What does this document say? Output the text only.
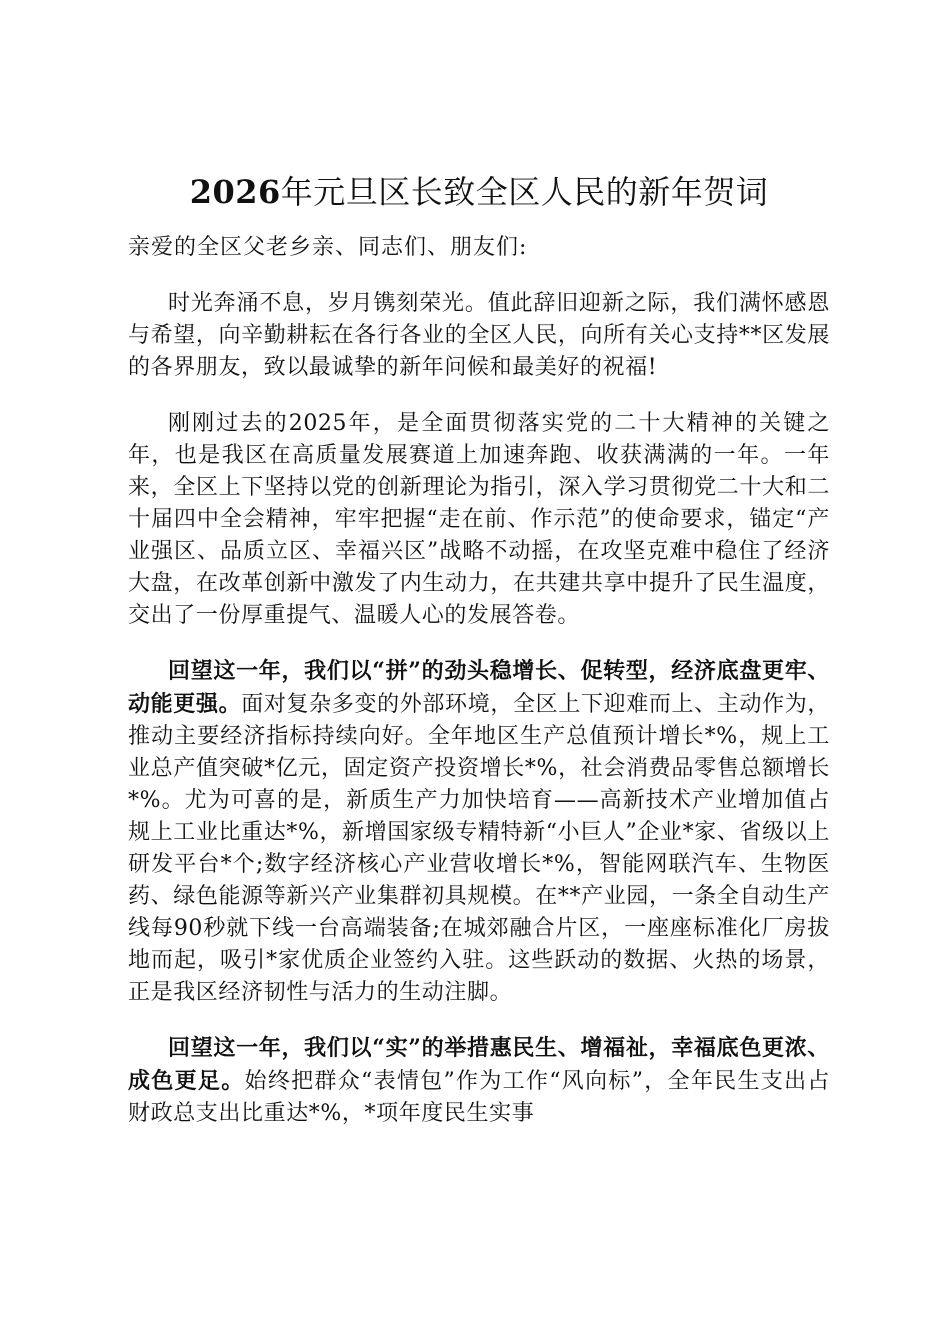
2026年元旦区长致全区人民的新年贺词

亲爱的全区父老乡亲、同志们、朋友们:

时光奔涌不息，岁月镌刻荣光。值此辞旧迎新之际，我们满怀感恩与希望，向辛勤耕耘在各行各业的全区人民，向所有关心支持**区发展的各界朋友，致以最诚挚的新年问候和最美好的祝福!

刚刚过去的2025年，是全面贯彻落实党的二十大精神的关键之年，也是我区在高质量发展赛道上加速奔跑、收获满满的一年。一年来，全区上下坚持以党的创新理论为指引，深入学习贯彻党二十大和二十届四中全会精神，牢牢把握“走在前、作示范”的使命要求，锚定“产业强区、品质立区、幸福兴区”战略不动摇，在攻坚克难中稳住了经济大盘，在改革创新中激发了内生动力，在共建共享中提升了民生温度，交出了一份厚重提气、温暖人心的发展答卷。

回望这一年，我们以“拼”的劲头稳增长、促转型，经济底盘更牢、动能更强。面对复杂多变的外部环境，全区上下迎难而上、主动作为，推动主要经济指标持续向好。全年地区生产总值预计增长*%，规上工业总产值突破*亿元，固定资产投资增长*%，社会消费品零售总额增长*%。尤为可喜的是，新质生产力加快培育——高新技术产业增加值占规上工业比重达*%，新增国家级专精特新“小巨人”企业*家、省级以上研发平台*个;数字经济核心产业营收增长*%，智能网联汽车、生物医药、绿色能源等新兴产业集群初具规模。在**产业园，一条全自动生产线每90秒就下线一台高端装备;在城郊融合片区，一座座标准化厂房拔地而起，吸引*家优质企业签约入驻。这些跃动的数据、火热的场景，正是我区经济韧性与活力的生动注脚。

回望这一年，我们以“实”的举措惠民生、增福祉，幸福底色更浓、成色更足。始终把群众“表情包”作为工作“风向标”，全年民生支出占财政总支出比重达*%，*项年度民生实事
